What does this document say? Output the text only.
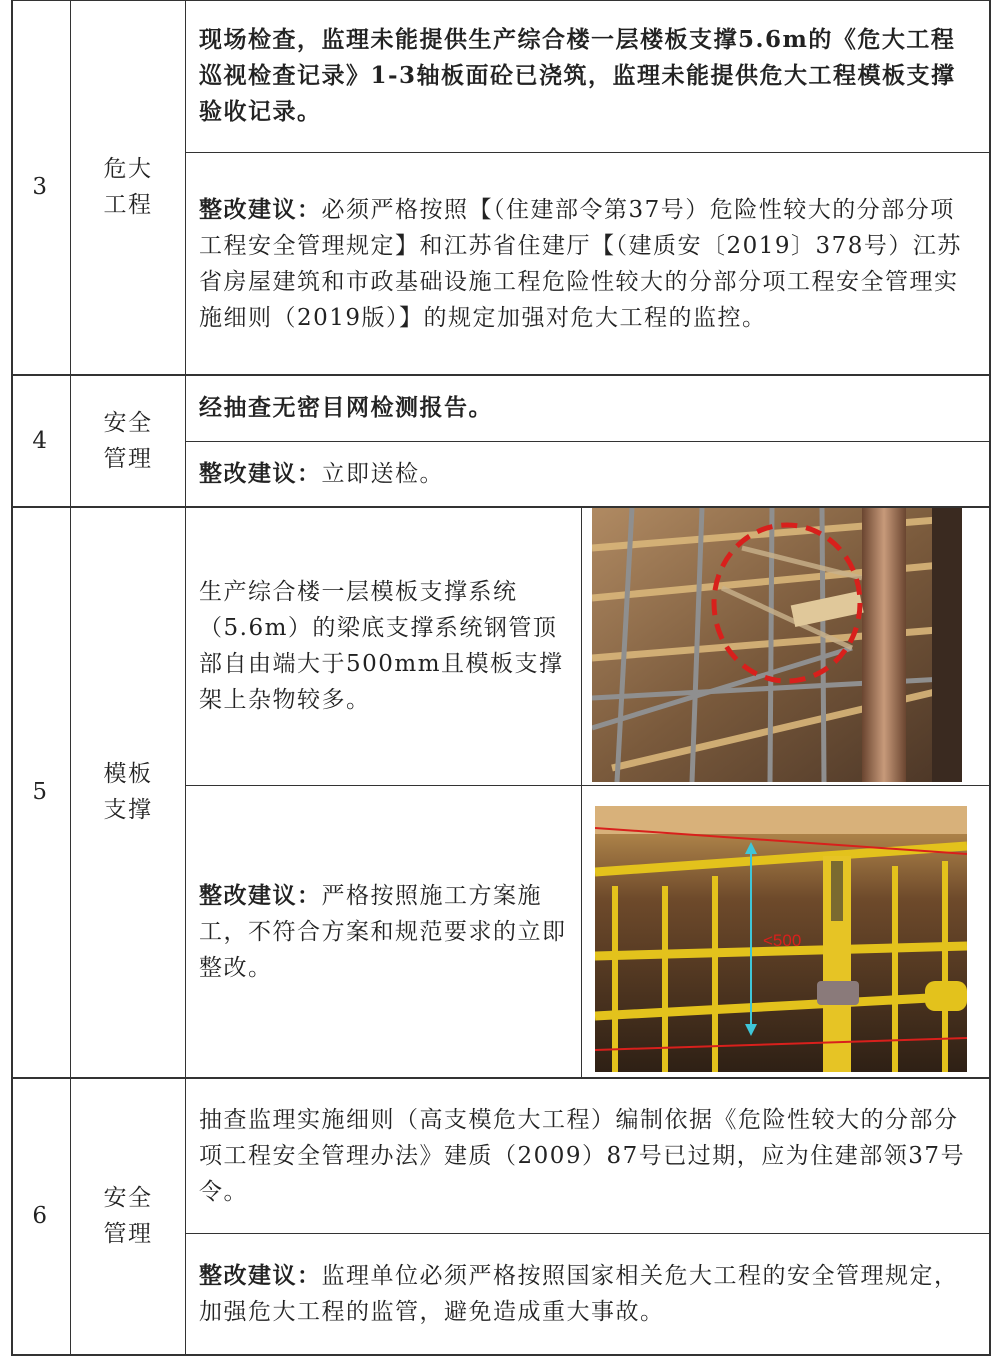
3
危大工程
现场检查，监理未能提供生产综合楼一层楼板支撑5.6m的《危大工程巡视检查记录》1-3轴板面砼已浇筑，监理未能提供危大工程模板支撑验收记录。
整改建议：必须严格按照【（住建部令第37号）危险性较大的分部分项工程安全管理规定】和江苏省住建厅【（建质安〔2019〕378号）江苏省房屋建筑和市政基础设施工程危险性较大的分部分项工程安全管理实施细则（2019版）】的规定加强对危大工程的监控。
4
安全管理
经抽查无密目网检测报告。
整改建议：立即送检。
5
模板支撑
生产综合楼一层模板支撑系统（5.6m）的梁底支撑系统钢管顶部自由端大于500mm且模板支撑架上杂物较多。
整改建议：严格按照施工方案施工，不符合方案和规范要求的立即整改。
<500
6
安全管理
抽查监理实施细则（高支模危大工程）编制依据《危险性较大的分部分项工程安全管理办法》建质（2009）87号已过期，应为住建部领37号令。
整改建议：监理单位必须严格按照国家相关危大工程的安全管理规定，加强危大工程的监管，避免造成重大事故。
